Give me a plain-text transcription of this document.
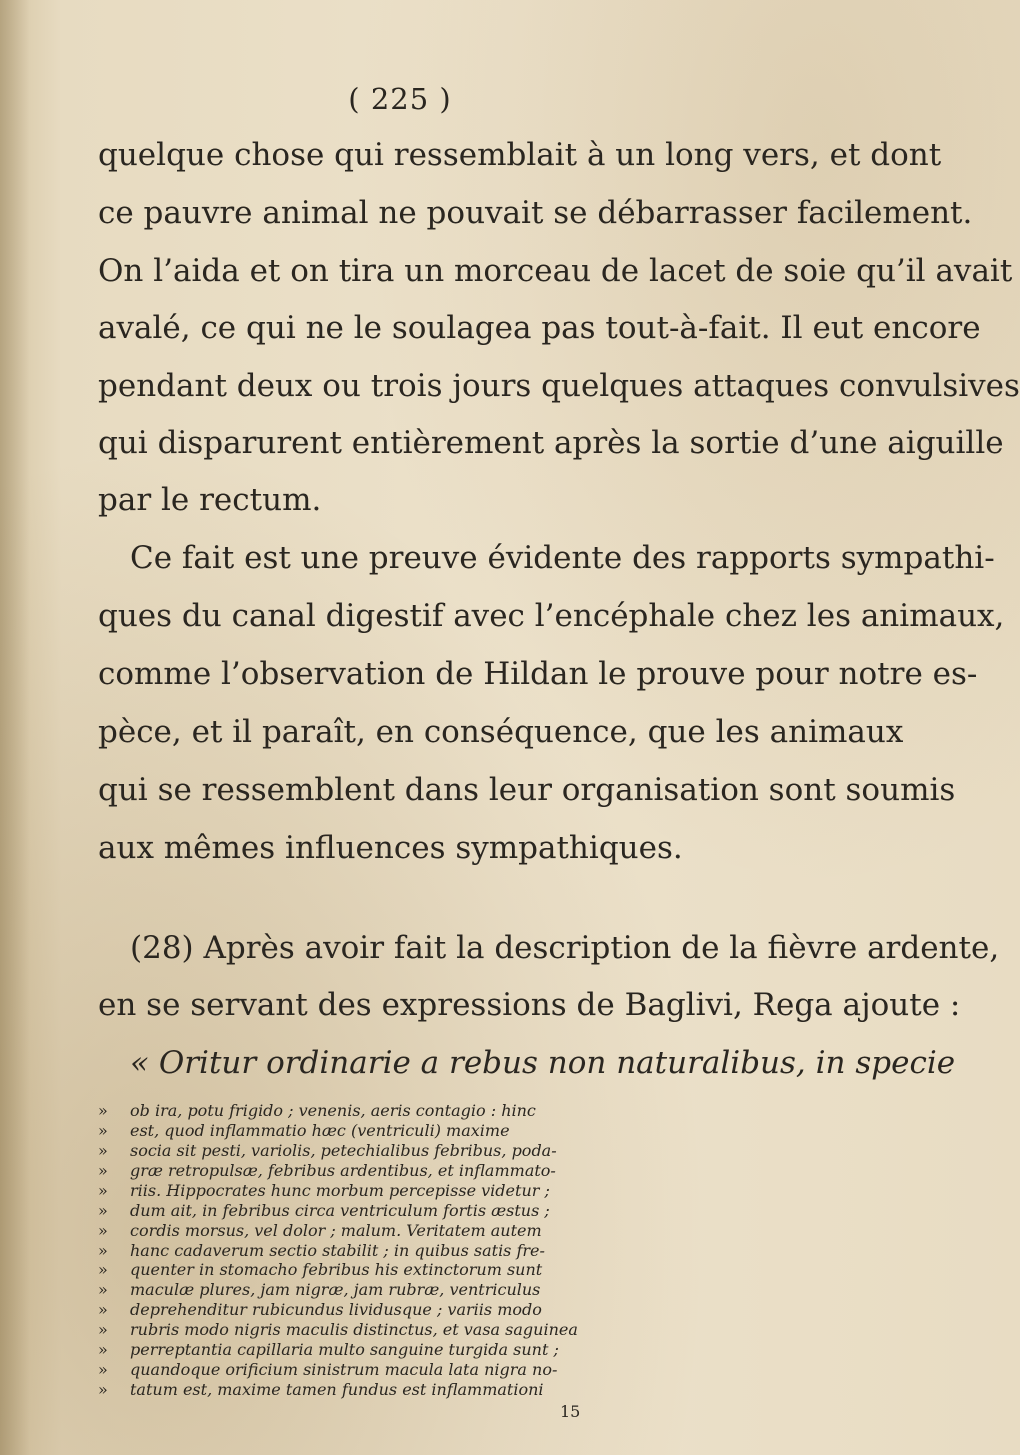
( 225 )
quelque chose qui ressemblait à un long vers, et dont
ce pauvre animal ne pouvait se débarrasser facilement.
On l’aida et on tira un morceau de lacet de soie qu’il avait
avalé, ce qui ne le soulagea pas tout-à-fait. Il eut encore
pendant deux ou trois jours quelques attaques convulsives
qui disparurent entièrement après la sortie d’une aiguille
par le rectum.
Ce fait est une preuve évidente des rapports sympathi-
ques du canal digestif avec l’encéphale chez les animaux,
comme l’observation de Hildan le prouve pour notre es-
pèce, et il paraît, en conséquence, que les animaux
qui se ressemblent dans leur organisation sont soumis
aux mêmes influences sympathiques.
(28) Après avoir fait la description de la fièvre ardente,
en se servant des expressions de Baglivi, Rega ajoute :
« Oritur ordinarie a rebus non naturalibus, in specie
» ob ira, potu frigido ; venenis, aeris contagio : hinc
» est, quod inflammatio hæc (ventriculi) maxime
» socia sit pesti, variolis, petechialibus febribus, poda-
» græ retropulsæ, febribus ardentibus, et inflammato-
» riis. Hippocrates hunc morbum percepisse videtur ;
» dum ait, in febribus circa ventriculum fortis æstus ;
» cordis morsus, vel dolor ; malum. Veritatem autem
» hanc cadaverum sectio stabilit ; in quibus satis fre-
» quenter in stomacho febribus his extinctorum sunt
» maculæ plures, jam nigræ, jam rubræ, ventriculus
» deprehenditur rubicundus lividusque ; variis modo
» rubris modo nigris maculis distinctus, et vasa saguinea
» perreptantia capillaria multo sanguine turgida sunt ;
» quandoque orificium sinistrum macula lata nigra no-
» tatum est, maxime tamen fundus est inflammationi
15
